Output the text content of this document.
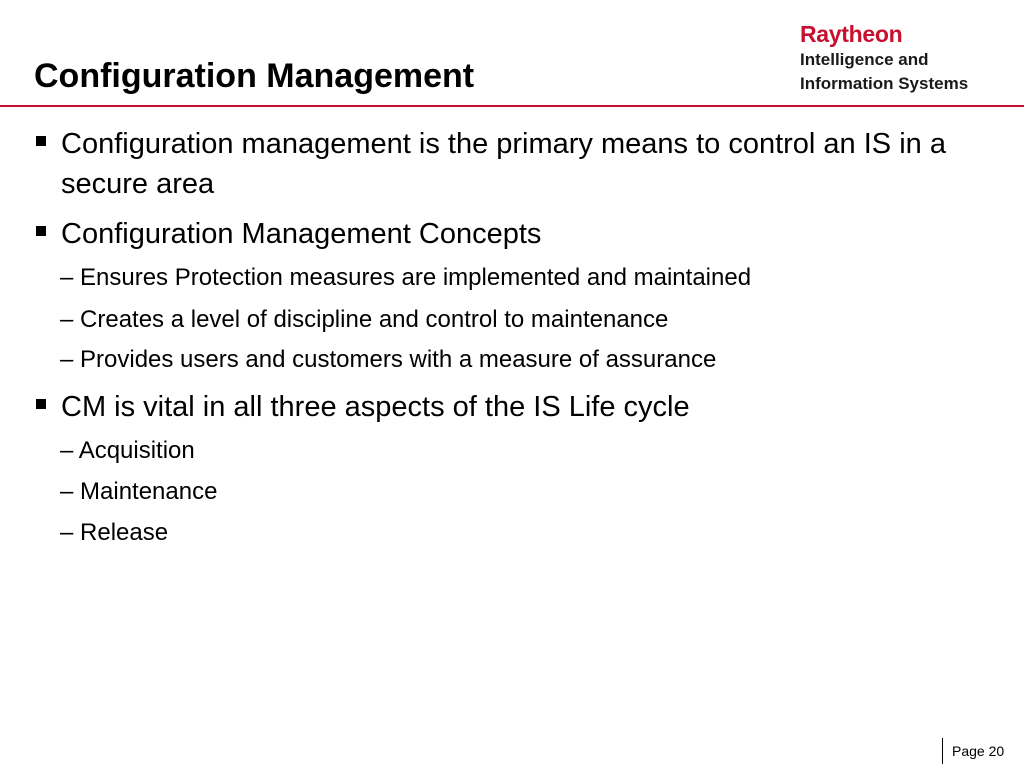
Configuration Management
Raytheon
Intelligence and
Information Systems
Configuration management is the primary means to control an IS in a secure area
Configuration Management Concepts
– Ensures Protection measures are implemented and maintained
– Creates a level of discipline and control to maintenance
– Provides users and customers with a measure of assurance
CM is vital in all three aspects of the IS Life cycle
– Acquisition
– Maintenance
– Release
Page 20
